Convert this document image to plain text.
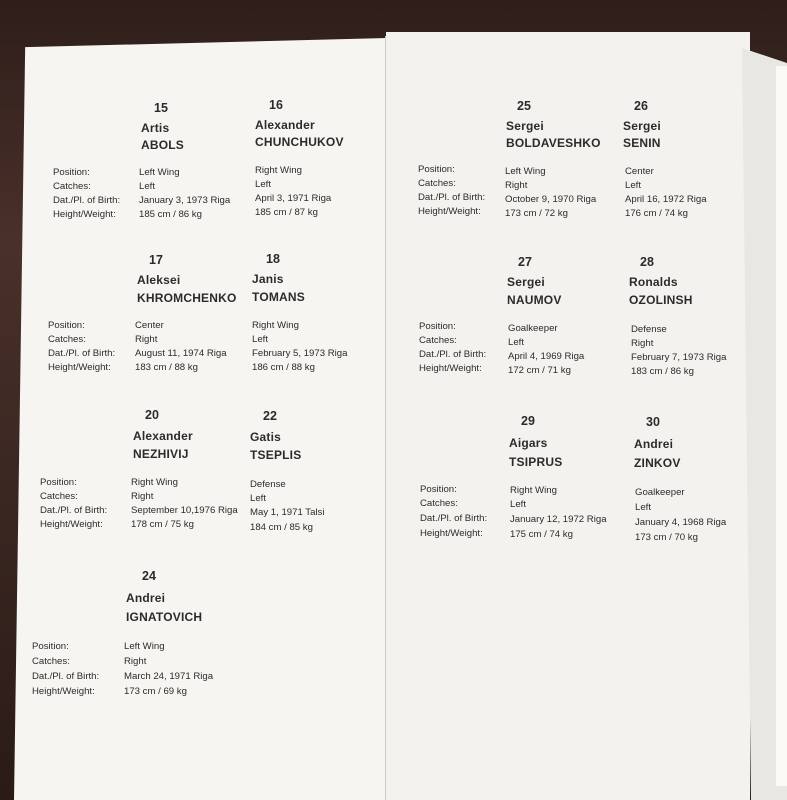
Position:
Catches:
Dat./Pl. of Birth:
Height/Weight:
Position:
Catches:
Dat./Pl. of Birth:
Height/Weight:
Position:
Catches:
Dat./Pl. of Birth:
Height/Weight:
Position:
Catches:
Dat./Pl. of Birth:
Height/Weight:
Position:
Catches:
Dat./Pl. of Birth:
Height/Weight:
Position:
Catches:
Dat./Pl. of Birth:
Height/Weight:
Position:
Catches:
Dat./Pl. of Birth:
Height/Weight:
15
Artis
ABOLS
Left Wing
Left
January 3, 1973 Riga
185 cm / 86 kg
16
Alexander
CHUNCHUKOV
Right Wing
Left
April 3, 1971 Riga
185 cm / 87 kg
17
Aleksei
KHROMCHENKO
Center
Right
August 11, 1974 Riga
183 cm / 88 kg
18
Janis
TOMANS
Right Wing
Left
February 5, 1973 Riga
186 cm / 88 kg
20
Alexander
NEZHIVIJ
Right Wing
Right
September 10,1976 Riga
178 cm / 75 kg
22
Gatis
TSEPLIS
Defense
Left
May 1, 1971 Talsi
184 cm / 85 kg
24
Andrei
IGNATOVICH
Left Wing
Right
March 24, 1971 Riga
173 cm / 69 kg
25
Sergei
BOLDAVESHKO
Left Wing
Right
October 9, 1970 Riga
173 cm / 72 kg
26
Sergei
SENIN
Center
Left
April 16, 1972 Riga
176 cm / 74 kg
27
Sergei
NAUMOV
Goalkeeper
Left
April 4, 1969 Riga
172 cm / 71 kg
28
Ronalds
OZOLINSH
Defense
Right
February 7, 1973 Riga
183 cm / 86 kg
29
Aigars
TSIPRUS
Right Wing
Left
January 12, 1972 Riga
175 cm / 74 kg
30
Andrei
ZINKOV
Goalkeeper
Left
January 4, 1968 Riga
173 cm / 70 kg
